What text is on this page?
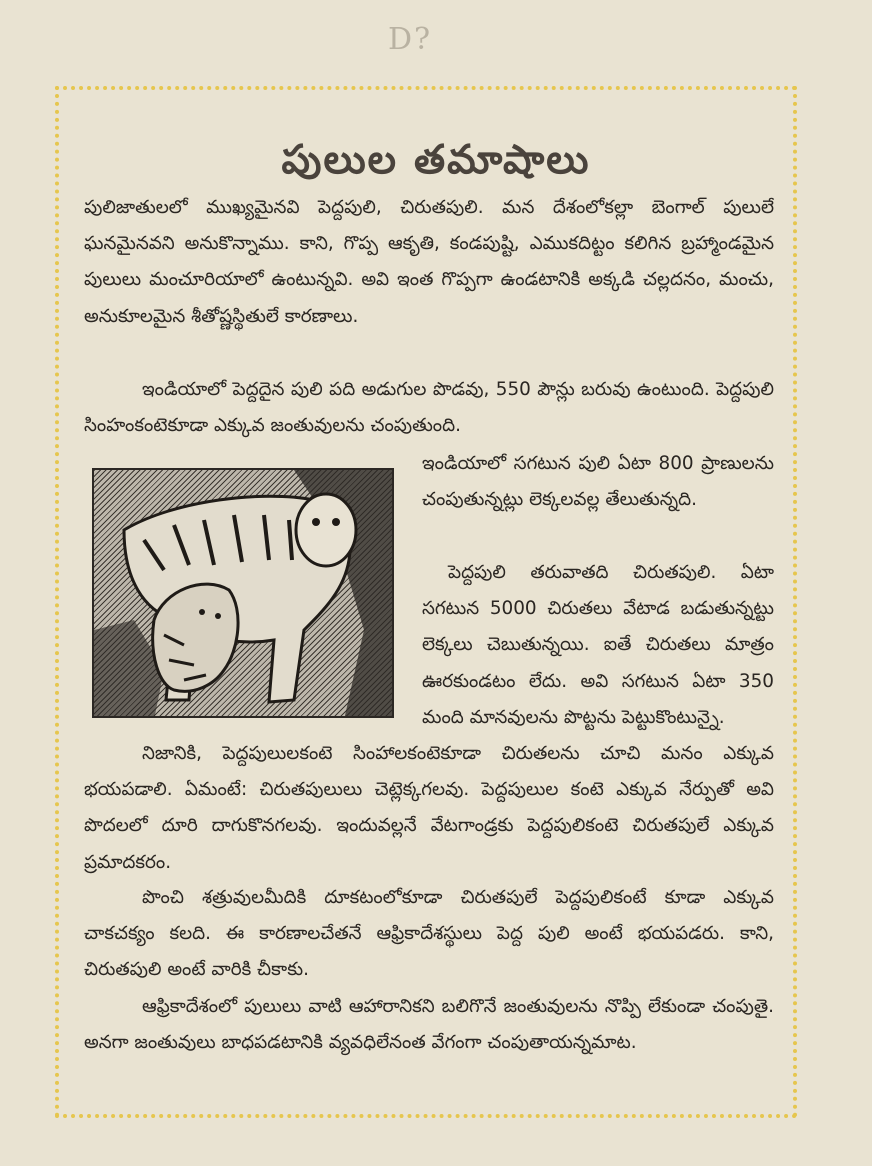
D?
పులుల తమాషాలు

పులిజాతులలో ముఖ్యమైనవి పెద్దపులి, చిరుతపులి. మన దేశంలోకల్లా బెంగాల్ పులులే ఘనమైనవని అనుకొన్నాము. కాని, గొప్ప ఆకృతి, కండపుష్టి, ఎముకదిట్టం కలిగిన బ్రహ్మాండమైన పులులు మంచూరియాలో ఉంటున్నవి. అవి ఇంత గొప్పగా ఉండటానికి అక్కడి చల్లదనం, మంచు, అనుకూలమైన శీతోష్ణస్థితులే కారణాలు.

ఇండియాలో పెద్దదైన పులి పది అడుగుల పొడవు, 550 పౌన్లు బరువు ఉంటుంది. పెద్దపులి సింహంకంటెకూడా ఎక్కువ జంతువులను చంపుతుంది.

ఇండియాలో సగటున పులి ఏటా 800 ప్రాణులను చంపుతున్నట్లు లెక్కలవల్ల తేలుతున్నది.

పెద్దపులి తరువాతది చిరుతపులి. ఏటా సగటున 5000 చిరుతలు వేటాడ బడుతున్నట్టు లెక్కలు చెబుతున్నయి. ఐతే చిరుతలు మాత్రం ఊరకుండటం లేదు. అవి సగటున ఏటా 350 మంది మానవులను పొట్టను పెట్టుకొంటున్నై.

నిజానికి, పెద్దపులులకంటె సింహాలకంటెకూడా చిరుతలను చూచి మనం ఎక్కువ భయపడాలి. ఏమంటే: చిరుతపులులు చెట్లెక్కగలవు. పెద్దపులుల కంటె ఎక్కువ నేర్పుతో అవి పొదలలో దూరి దాగుకొనగలవు. ఇందువల్లనే వేటగాండ్రకు పెద్దపులికంటె చిరుతపులే ఎక్కువ ప్రమాదకరం.

పొంచి శత్రువులమీదికి దూకటంలోకూడా చిరుతపులే పెద్దపులికంటే కూడా ఎక్కువ చాకచక్యం కలది. ఈ కారణాలచేతనే ఆఫ్రికాదేశస్థులు పెద్ద పులి అంటే భయపడరు. కాని, చిరుతపులి అంటే వారికి చీకాకు.

ఆఫ్రికాదేశంలో పులులు వాటి ఆహారానికని బలిగొనే జంతువులను నొప్పి లేకుండా చంపుతై. అనగా జంతువులు బాధపడటానికి వ్యవధిలేనంత వేగంగా చంపుతాయన్నమాట.
